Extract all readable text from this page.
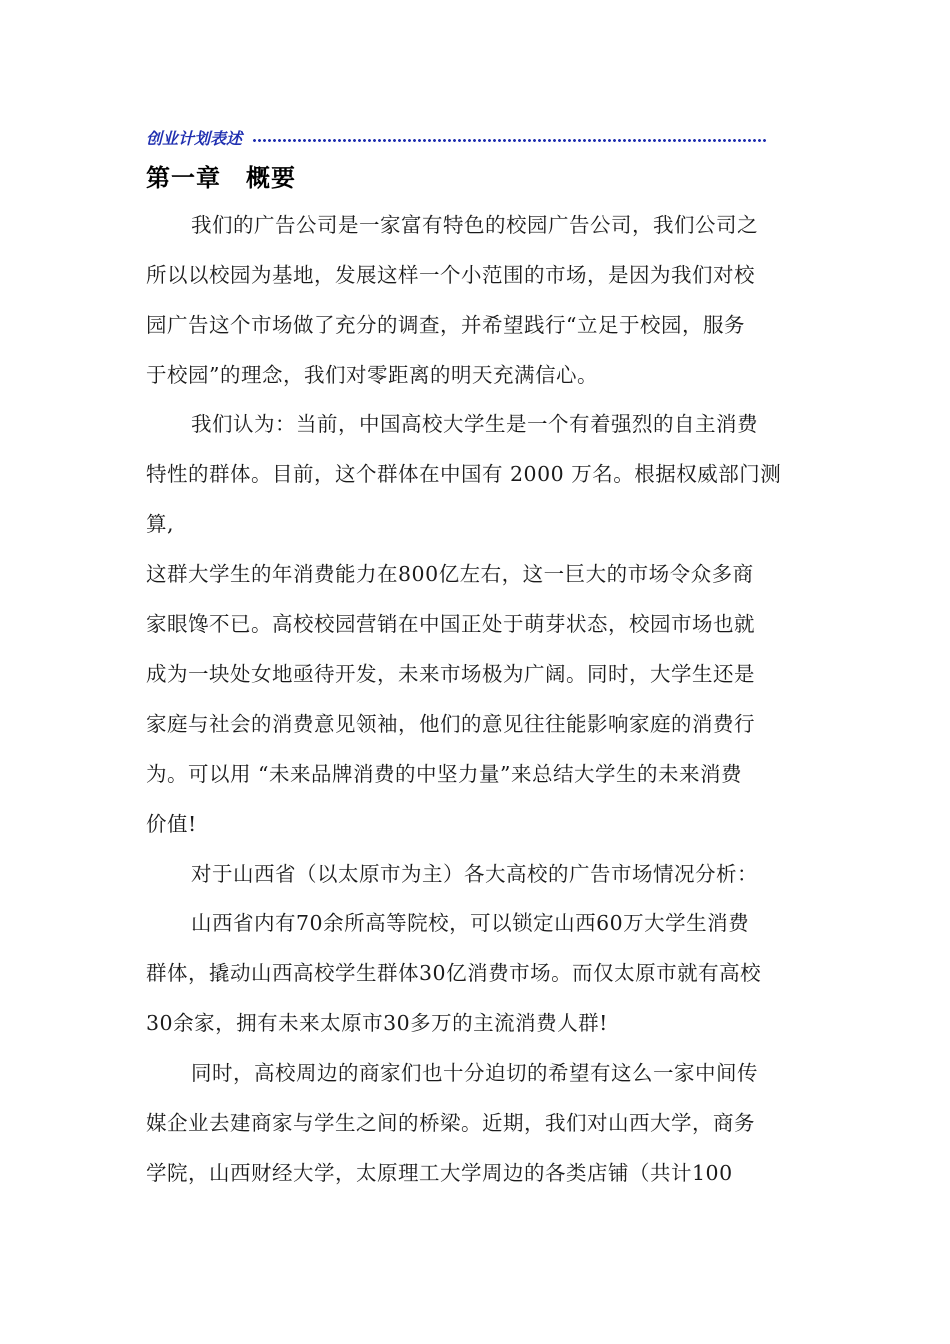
创业计划表述
第一章　概要

我们的广告公司是一家富有特色的校园广告公司，我们公司之

所以以校园为基地，发展这样一个小范围的市场，是因为我们对校

园广告这个市场做了充分的调查，并希望践行“立足于校园，服务

于校园”的理念，我们对零距离的明天充满信心。

我们认为：当前，中国高校大学生是一个有着强烈的自主消费

特性的群体。目前，这个群体在中国有 2000 万名。根据权威部门测

算,

这群大学生的年消费能力在800亿左右，这一巨大的市场令众多商

家眼馋不已。高校校园营销在中国正处于萌芽状态，校园市场也就

成为一块处女地亟待开发，未来市场极为广阔。同时，大学生还是

家庭与社会的消费意见领袖，他们的意见往往能影响家庭的消费行

为。可以用 “未来品牌消费的中坚力量”来总结大学生的未来消费

价值!

对于山西省（以太原市为主）各大高校的广告市场情况分析：

山西省内有70余所高等院校，可以锁定山西60万大学生消费

群体，撬动山西高校学生群体30亿消费市场。而仅太原市就有高校

30余家，拥有未来太原市30多万的主流消费人群!

同时，高校周边的商家们也十分迫切的希望有这么一家中间传

媒企业去建商家与学生之间的桥梁。近期，我们对山西大学，商务

学院，山西财经大学，太原理工大学周边的各类店铺（共计100
